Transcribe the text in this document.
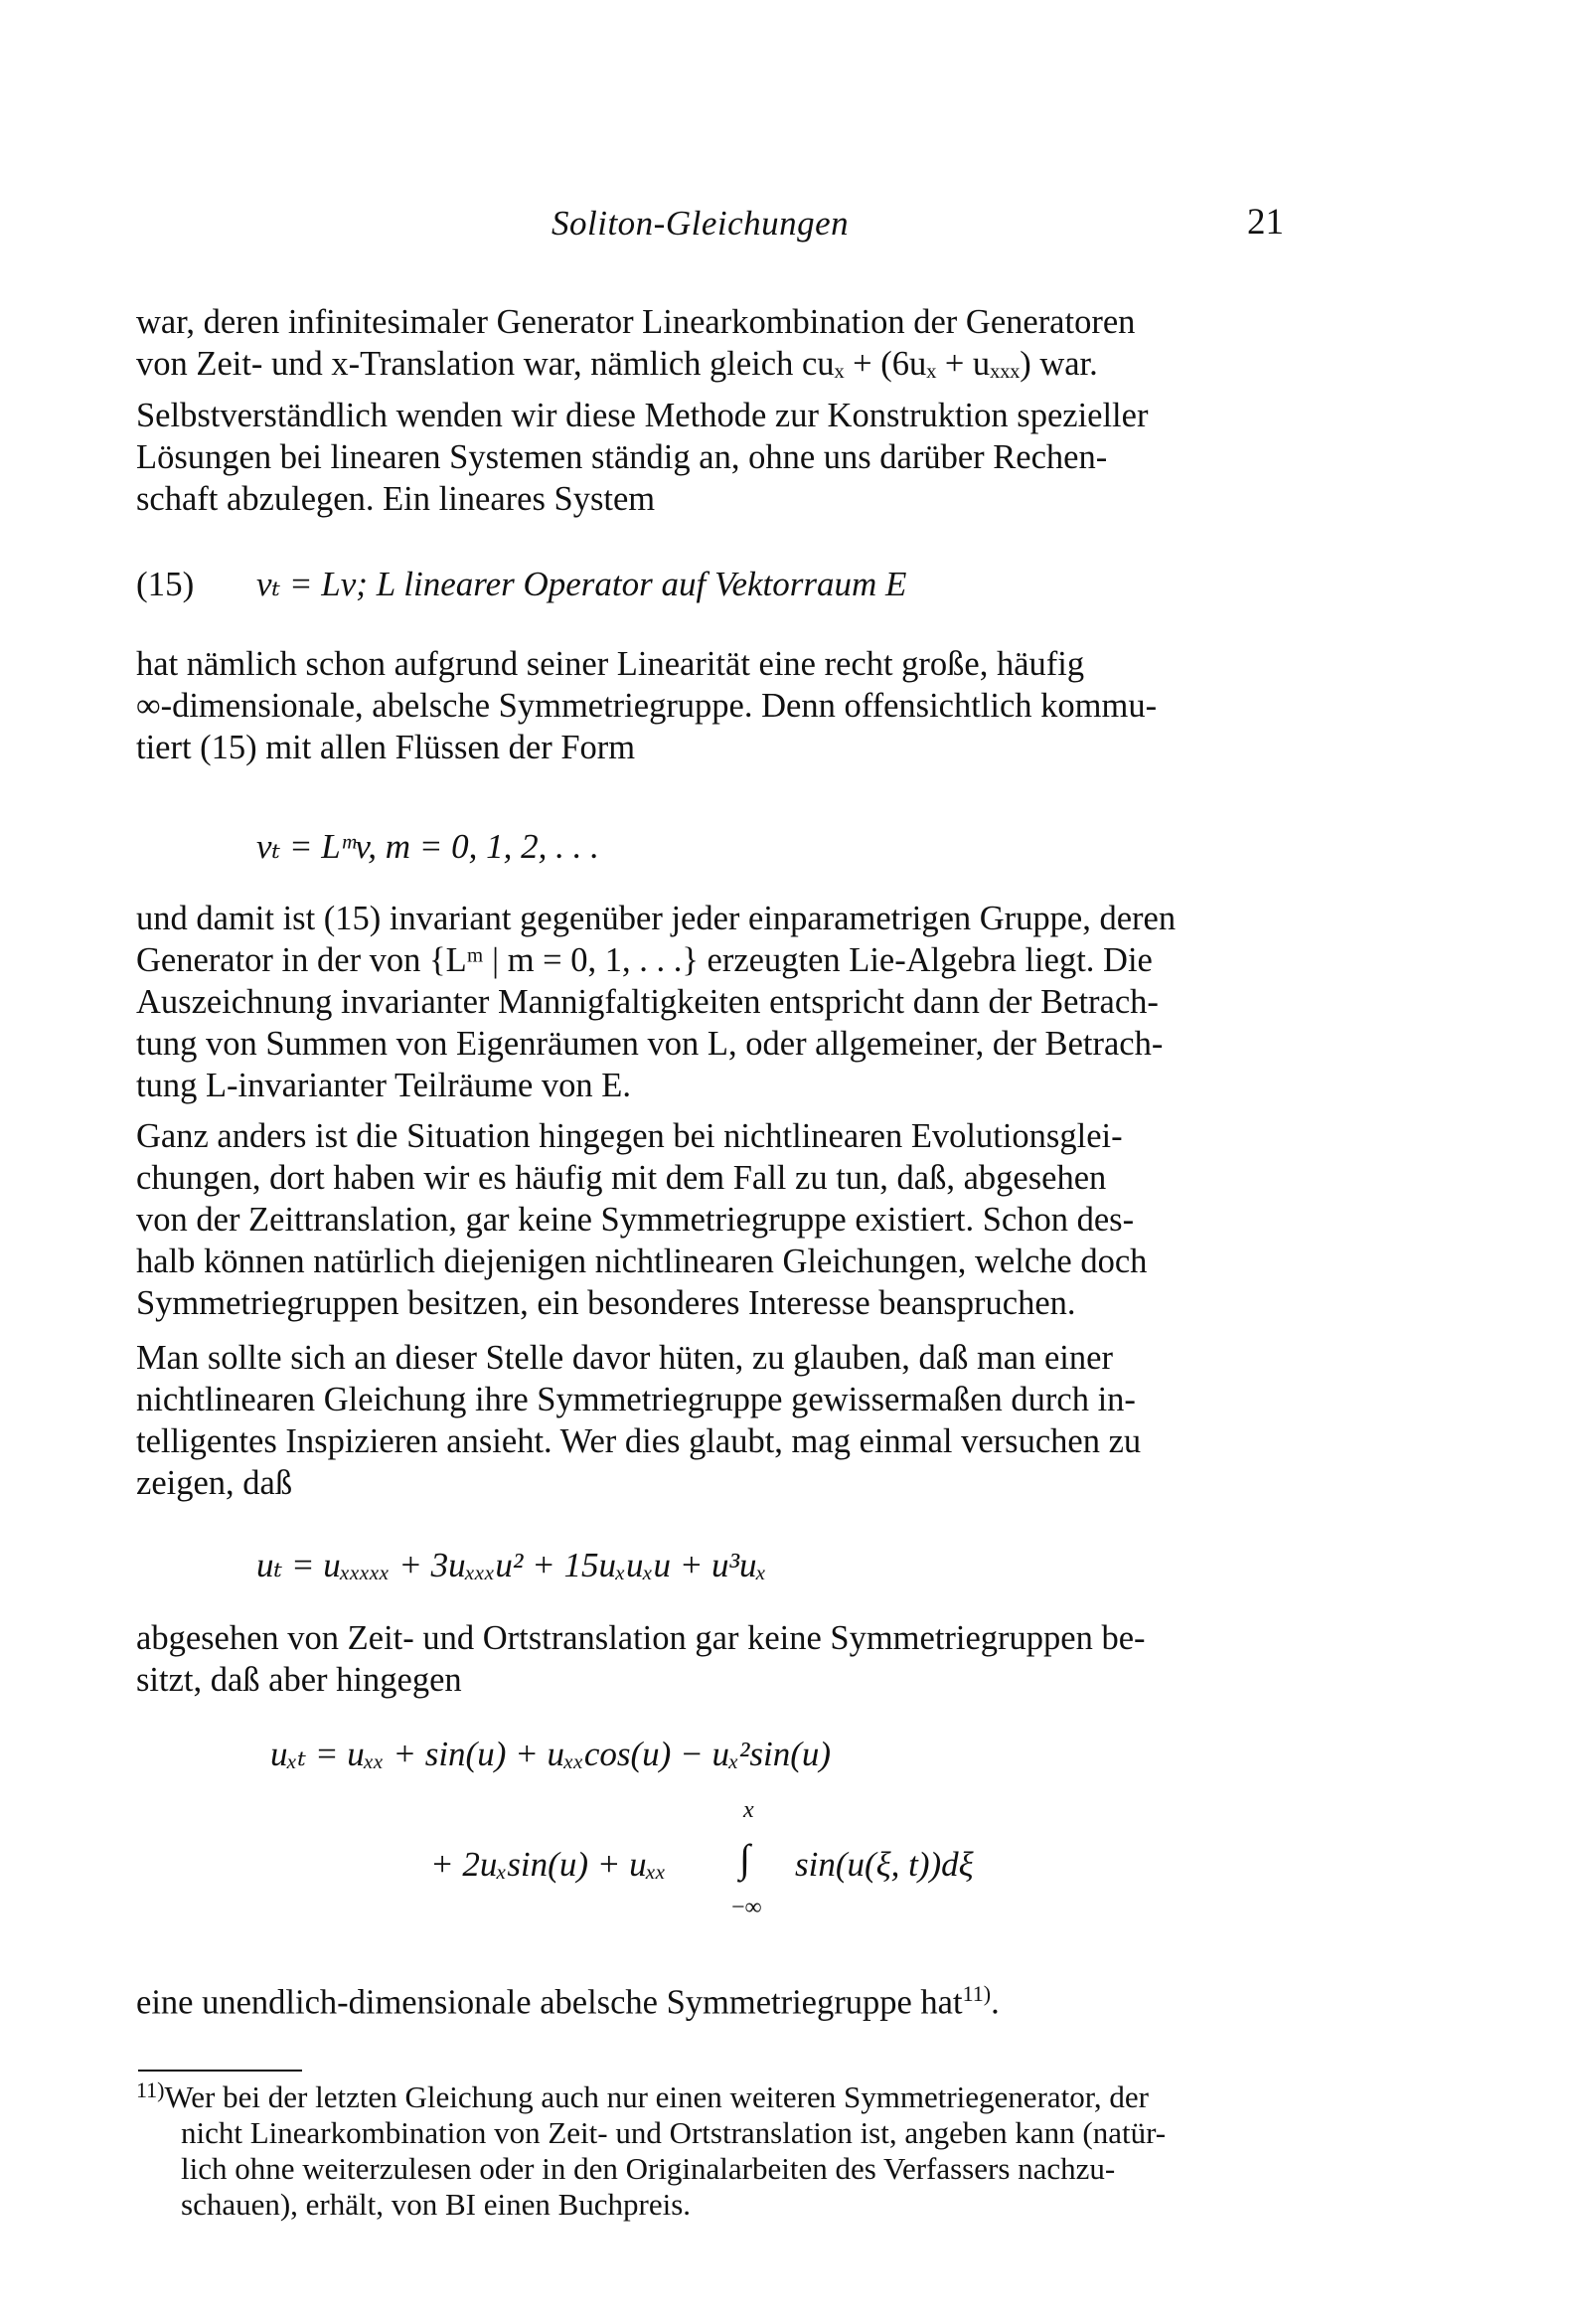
Soliton-Gleichungen	21
war, deren infinitesimaler Generator Linearkombination der Generatoren
von Zeit- und x-Translation war, nämlich gleich cuₓ + (6uₓ + uₓₓₓ) war.
Selbstverständlich wenden wir diese Methode zur Konstruktion spezieller
Lösungen bei linearen Systemen ständig an, ohne uns darüber Rechen-
schaft abzulegen. Ein lineares System
(15) vₜ = Lv; L linearer Operator auf Vektorraum E
hat nämlich schon aufgrund seiner Linearität eine recht große, häufig
∞-dimensionale, abelsche Symmetriegruppe. Denn offensichtlich kommu-
tiert (15) mit allen Flüssen der Form
vₜ = Lᵐv, m = 0, 1, 2, . . .
und damit ist (15) invariant gegenüber jeder einparametrigen Gruppe, deren
Generator in der von {Lᵐ | m = 0, 1, . . .} erzeugten Lie-Algebra liegt. Die
Auszeichnung invarianter Mannigfaltigkeiten entspricht dann der Betrach-
tung von Summen von Eigenräumen von L, oder allgemeiner, der Betrach-
tung L-invarianter Teilräume von E.
Ganz anders ist die Situation hingegen bei nichtlinearen Evolutionsglei-
chungen, dort haben wir es häufig mit dem Fall zu tun, daß, abgesehen
von der Zeittranslation, gar keine Symmetriegruppe existiert. Schon des-
halb können natürlich diejenigen nichtlinearen Gleichungen, welche doch
Symmetriegruppen besitzen, ein besonderes Interesse beanspruchen.
Man sollte sich an dieser Stelle davor hüten, zu glauben, daß man einer
nichtlinearen Gleichung ihre Symmetriegruppe gewissermaßen durch in-
telligentes Inspizieren ansieht. Wer dies glaubt, mag einmal versuchen zu
zeigen, daß
uₜ = uₓₓₓₓₓ + 3uₓₓₓu² + 15uₓuₓu + u³uₓ
abgesehen von Zeit- und Ortstranslation gar keine Symmetriegruppen be-
sitzt, daß aber hingegen
uₓₜ = uₓₓ + sin(u) + uₓₓcos(u) − uₓ²sin(u)
+ 2uₓsin(u) + uₓₓ
x
∫
−∞
sin(u(ξ, t))dξ
eine unendlich-dimensionale abelsche Symmetriegruppe hat$^{11)}$.
$^{11)}$Wer bei der letzten Gleichung auch nur einen weiteren Symmetriegenerator, der
nicht Linearkombination von Zeit- und Ortstranslation ist, angeben kann (natür-
lich ohne weiterzulesen oder in den Originalarbeiten des Verfassers nachzu-
schauen), erhält, von BI einen Buchpreis.
